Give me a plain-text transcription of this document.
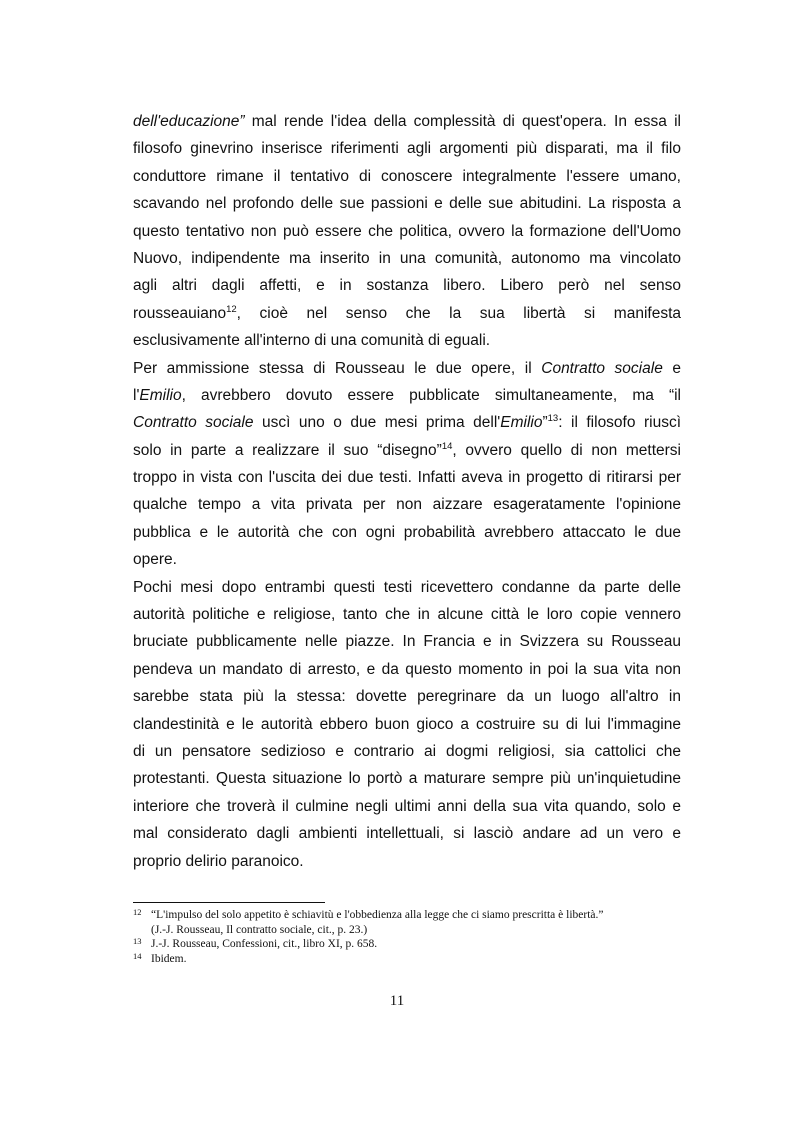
dell'educazione” mal rende l'idea della complessità di quest'opera. In essa il
filosofo ginevrino inserisce riferimenti agli argomenti più disparati, ma il filo
conduttore rimane il tentativo di conoscere integralmente l'essere umano,
scavando nel profondo delle sue passioni e delle sue abitudini. La risposta a
questo tentativo non può essere che politica, ovvero la formazione dell'Uomo
Nuovo, indipendente ma inserito in una comunità, autonomo ma vincolato
agli altri dagli affetti, e in sostanza libero. Libero però nel senso
rousseauiano$^{12}$, cioè nel senso che la sua libertà si manifesta
esclusivamente all'interno di una comunità di eguali.
Per ammissione stessa di Rousseau le due opere, il Contratto sociale e
l'Emilio, avrebbero dovuto essere pubblicate simultaneamente, ma “il
Contratto sociale uscì uno o due mesi prima dell'Emilio”$^{13}$: il filosofo riuscì
solo in parte a realizzare il suo “disegno”$^{14}$, ovvero quello di non mettersi
troppo in vista con l'uscita dei due testi. Infatti aveva in progetto di ritirarsi per
qualche tempo a vita privata per non aizzare esageratamente l'opinione
pubblica e le autorità che con ogni probabilità avrebbero attaccato le due
opere.
Pochi mesi dopo entrambi questi testi ricevettero condanne da parte delle
autorità politiche e religiose, tanto che in alcune città le loro copie vennero
bruciate pubblicamente nelle piazze. In Francia e in Svizzera su Rousseau
pendeva un mandato di arresto, e da questo momento in poi la sua vita non
sarebbe stata più la stessa: dovette peregrinare da un luogo all'altro in
clandestinità e le autorità ebbero buon gioco a costruire su di lui l'immagine
di un pensatore sedizioso e contrario ai dogmi religiosi, sia cattolici che
protestanti. Questa situazione lo portò a maturare sempre più un'inquietudine
interiore che troverà il culmine negli ultimi anni della sua vita quando, solo e
mal considerato dagli ambienti intellettuali, si lasciò andare ad un vero e
proprio delirio paranoico.
12 “L'impulso del solo appetito è schiavitù e l'obbedienza alla legge che ci siamo prescritta è libertà.”
(J.-J. Rousseau, Il contratto sociale, cit., p. 23.)
13 J.-J. Rousseau, Confessioni, cit., libro XI, p. 658.
14 Ibidem.
11
